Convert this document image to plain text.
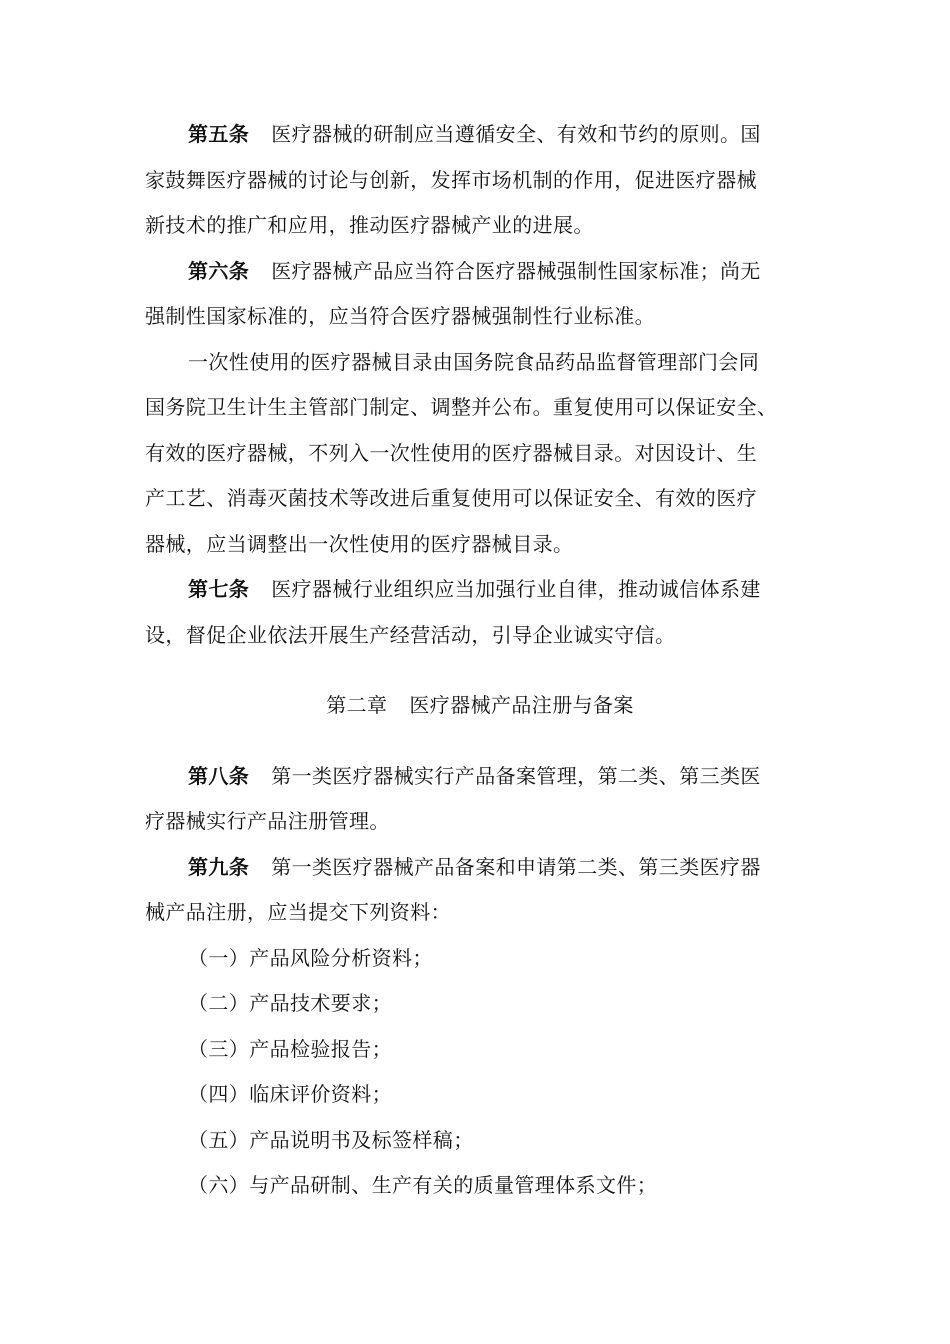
第五条 医疗器械的研制应当遵循安全、有效和节约的原则。国
家鼓舞医疗器械的讨论与创新，发挥市场机制的作用，促进医疗器械
新技术的推广和应用，推动医疗器械产业的进展。
第六条 医疗器械产品应当符合医疗器械强制性国家标准；尚无
强制性国家标准的，应当符合医疗器械强制性行业标准。
一次性使用的医疗器械目录由国务院食品药品监督管理部门会同
国务院卫生计生主管部门制定、调整并公布。重复使用可以保证安全、
有效的医疗器械，不列入一次性使用的医疗器械目录。对因设计、生
产工艺、消毒灭菌技术等改进后重复使用可以保证安全、有效的医疗
器械，应当调整出一次性使用的医疗器械目录。
第七条 医疗器械行业组织应当加强行业自律，推动诚信体系建
设，督促企业依法开展生产经营活动，引导企业诚实守信。
第二章 医疗器械产品注册与备案
第八条 第一类医疗器械实行产品备案管理，第二类、第三类医
疗器械实行产品注册管理。
第九条 第一类医疗器械产品备案和申请第二类、第三类医疗器
械产品注册，应当提交下列资料：
（一）产品风险分析资料；
（二）产品技术要求；
（三）产品检验报告；
（四）临床评价资料；
（五）产品说明书及标签样稿；
（六）与产品研制、生产有关的质量管理体系文件；
